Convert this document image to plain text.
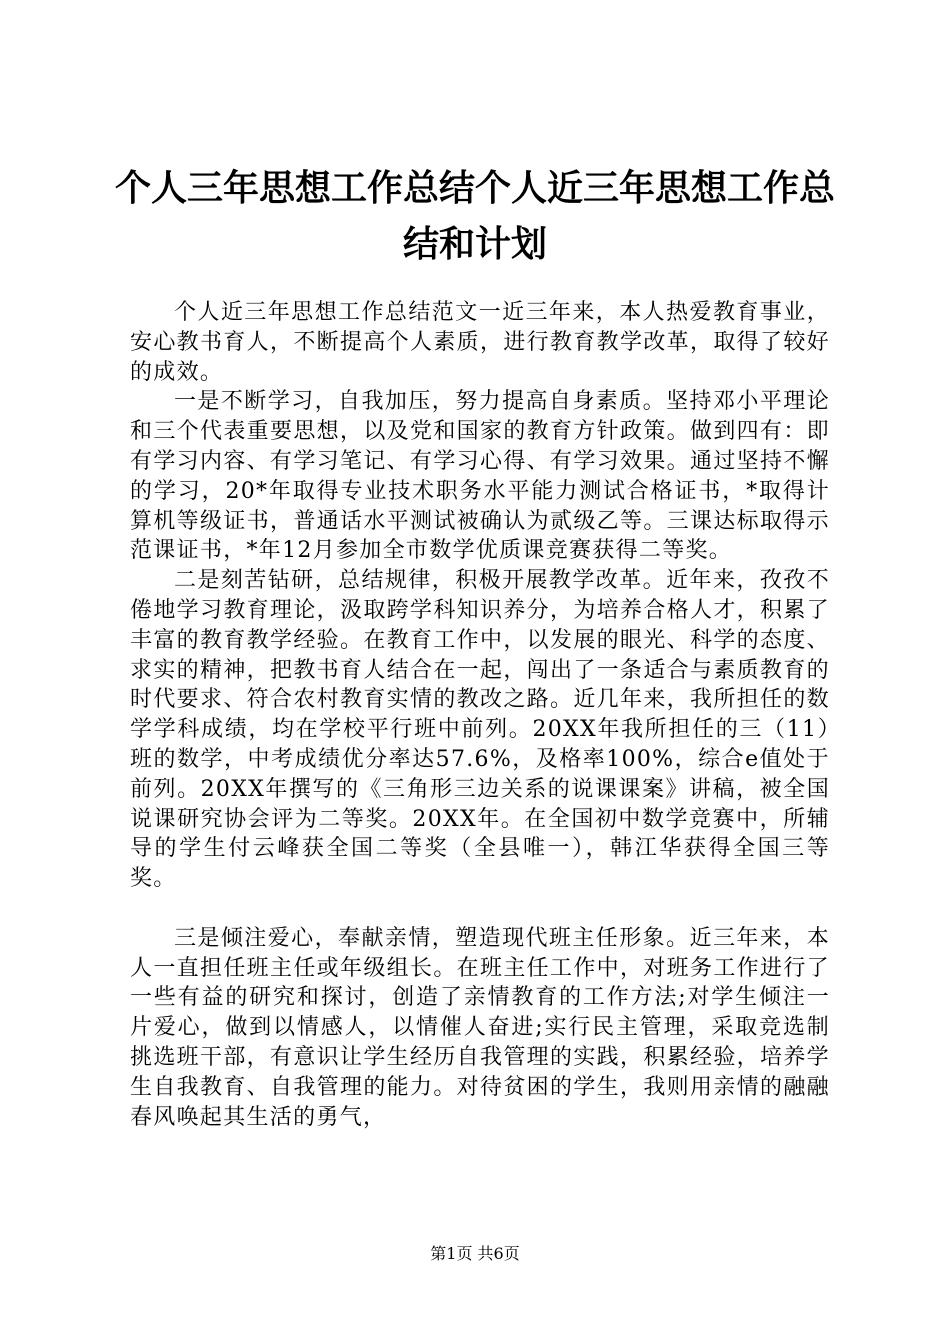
个人三年思想工作总结个人近三年思想工作总结和计划

个人近三年思想工作总结范文一近三年来，本人热爱教育事业，安心教书育人，不断提高个人素质，进行教育教学改革，取得了较好的成效。

一是不断学习，自我加压，努力提高自身素质。坚持邓小平理论和三个代表重要思想，以及党和国家的教育方针政策。做到四有：即有学习内容、有学习笔记、有学习心得、有学习效果。通过坚持不懈的学习，20*年取得专业技术职务水平能力测试合格证书，*取得计算机等级证书，普通话水平测试被确认为贰级乙等。三课达标取得示范课证书，*年12月参加全市数学优质课竞赛获得二等奖。

二是刻苦钻研，总结规律，积极开展教学改革。近年来，孜孜不倦地学习教育理论，汲取跨学科知识养分，为培养合格人才，积累了丰富的教育教学经验。在教育工作中，以发展的眼光、科学的态度、求实的精神，把教书育人结合在一起，闯出了一条适合与素质教育的时代要求、符合农村教育实情的教改之路。近几年来，我所担任的数学学科成绩，均在学校平行班中前列。20XX年我所担任的三（11）班的数学，中考成绩优分率达57.6%，及格率100%，综合e值处于前列。20XX年撰写的《三角形三边关系的说课课案》讲稿，被全国说课研究协会评为二等奖。20XX年。在全国初中数学竞赛中，所辅导的学生付云峰获全国二等奖（全县唯一），韩江华获得全国三等奖。

三是倾注爱心，奉献亲情，塑造现代班主任形象。近三年来，本人一直担任班主任或年级组长。在班主任工作中，对班务工作进行了一些有益的研究和探讨，创造了亲情教育的工作方法;对学生倾注一片爱心，做到以情感人，以情催人奋进;实行民主管理，采取竞选制挑选班干部，有意识让学生经历自我管理的实践，积累经验，培养学生自我教育、自我管理的能力。对待贫困的学生，我则用亲情的融融春风唤起其生活的勇气，

第1页 共6页
